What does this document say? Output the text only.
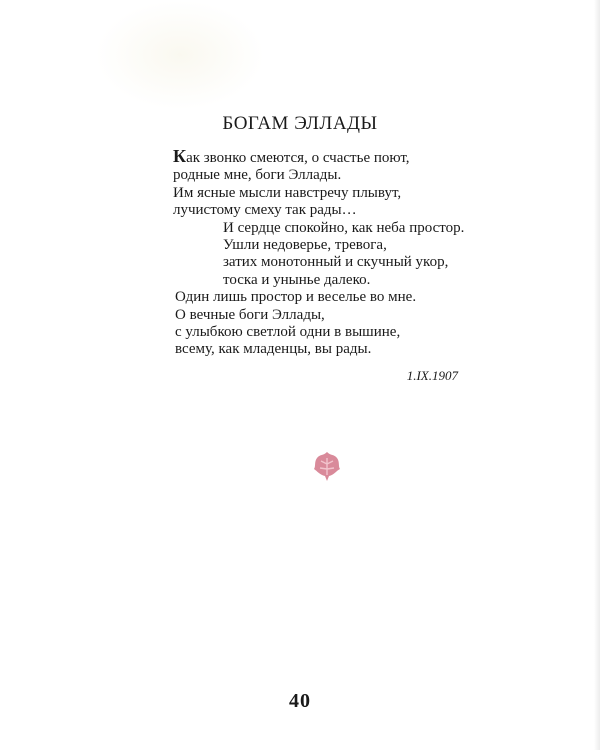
БОГАМ ЭЛЛАДЫ
Как звонко смеются, о счастье поют,
родные мне, боги Эллады.
Им ясные мысли навстречу плывут,
лучистому смеху так рады…
И сердце спокойно, как неба простор.
Ушли недоверье, тревога,
затих монотонный и скучный укор,
тоска и унынье далеко.
Один лишь простор и веселье во мне.
О вечные боги Эллады,
с улыбкою светлой одни в вышине,
всему, как младенцы, вы рады.
1.IX.1907
40
